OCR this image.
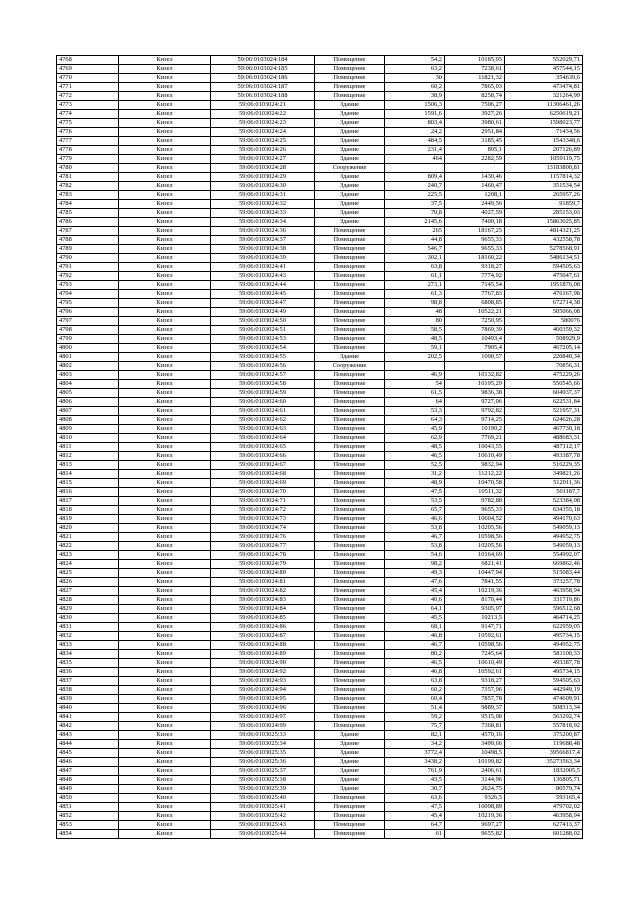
4768	Кизел	59:06:0103024:184	Помещение	54,2	10185,05	552029,71
4769	Кизел	59:06:0103024:185	Помещение	63,2	7238,61	457544,15
4770	Кизел	59:06:0103024:186	Помещение	30	11821,32	354639,6
4771	Кизел	59:06:0103024:187	Помещение	60,2	7865,03	473474,81
4772	Кизел	59:06:0103024:188	Помещение	38,9	8258,74	321264,99
4773	Кизел	59:06:0103024:21	Здание	1506,3	7506,27	11306461,26
4774	Кизел	59:06:0103024:22	Здание	1591,6	3927,26	6250619,21
4775	Кизел	59:06:0103024:23	Здание	803,4	3980,61	1598023,77
4776	Кизел	59:06:0103024:24	Здание	24,2	2951,84	71434,56
4777	Кизел	59:06:0103024:25	Здание	484,5	3185,45	1543348,6
4778	Кизел	59:06:0103024:26	Здание	231,4	895,1	207126,89
4779	Кизел	59:06:0103024:27	Здание	464	2282,59	1059119,75
4780	Кизел	59:06:0103024:28	Сооружение			13183800,81
4781	Кизел	59:06:0103024:29	Здание	809,4	1430,46	1157814,32
4782	Кизел	59:06:0103024:30	Здание	240,7	1460,47	351534,54
4783	Кизел	59:06:0103024:31	Здание	225,5	1208,1	265957,26
4784	Кизел	59:06:0103024:32	Здание	37,5	2449,56	91859,7
4785	Кизел	59:06:0103024:33	Здание	70,8	4027,59	285153,03
4786	Кизел	59:06:0103024:34	Здание	2145,6	7400,18	15863025,85
4787	Кизел	59:06:0103024:36	Помещение	265	18167,25	4814321,25
4788	Кизел	59:06:0103024:37	Помещение	44,8	9655,33	432558,78
4789	Кизел	59:06:0103024:38	Помещение	546,7	9655,33	5278568,91
4790	Кизел	59:06:0103024:39	Помещение	302,1	18160,22	5486134,51
4791	Кизел	59:06:0103024:41	Помещение	63,8	9318,27	594505,63
4792	Кизел	59:06:0103024:43	Помещение	61,1	7774,92	475047,61
4793	Кизел	59:06:0103024:44	Помещение	273,1	7145,54	1951876,08
4794	Кизел	59:06:0103024:45	Помещение	61,3	7767,83	476167,98
4795	Кизел	59:06:0103024:47	Помещение	98,8	6808,85	672714,38
4796	Кизел	59:06:0103024:49	Помещение	48	10522,21	505066,08
4797	Кизел	59:06:0103024:50	Помещение	80	7250,95	580076
4798	Кизел	59:06:0103024:51	Помещение	58,5	7869,39	460359,32
4799	Кизел	59:06:0103024:53	Помещение	48,5	10493,4	508929,9
4800	Кизел	59:06:0103024:54	Помещение	59,1	7905,4	467205,14
4801	Кизел	59:06:0103024:55	Здание	202,5	1090,57	220840,34
4802	Кизел	59:06:0103024:56	Сооружение			70856,31
4803	Кизел	59:06:0103024:57	Помещение	46,9	10132,82	475229,26
4804	Кизел	59:06:0103024:58	Помещение	54	10195,29	550545,66
4805	Кизел	59:06:0103024:59	Помещение	61,5	9836,38	604937,37
4806	Кизел	59:06:0103024:60	Помещение	64	9727,06	622531,84
4807	Кизел	59:06:0103024:61	Помещение	53,3	9792,82	521957,31
4808	Кизел	59:06:0103024:62	Помещение	64,3	9714,25	624626,28
4809	Кизел	59:06:0103024:63	Помещение	45,9	10190,2	467730,18
4810	Кизел	59:06:0103024:64	Помещение	62,9	7769,21	488683,31
4811	Кизел	59:06:0103024:65	Помещение	48,5	10043,55	487112,17
4812	Кизел	59:06:0103024:66	Помещение	46,5	10610,49	493387,78
4813	Кизел	59:06:0103024:67	Помещение	52,5	9832,94	516229,35
4814	Кизел	59:06:0103024:68	Помещение	31,2	11212,22	349821,26
4815	Кизел	59:06:0103024:69	Помещение	48,9	10470,58	512011,36
4816	Кизел	59:06:0103024:70	Помещение	47,5	10511,32	501187,7
4817	Кизел	59:06:0103024:71	Помещение	53,5	9782,88	523384,08
4818	Кизел	59:06:0103024:72	Помещение	65,7	9655,33	634355,18
4819	Кизел	59:06:0103024:73	Помещение	46,6	10604,52	494170,63
4820	Кизел	59:06:0103024:74	Помещение	53,8	10205,56	549059,13
4821	Кизел	59:06:0103024:76	Помещение	46,7	10598,56	494952,75
4822	Кизел	59:06:0103024:77	Помещение	53,8	10205,56	549059,13
4823	Кизел	59:06:0103024:78	Помещение	54,6	10164,69	554992,07
4824	Кизел	59:06:0103024:79	Помещение	98,2	6821,41	669862,46
4825	Кизел	59:06:0103024:80	Помещение	49,3	10447,94	515083,44
4826	Кизел	59:06:0103024:81	Помещение	47,6	7841,55	373257,78
4827	Кизел	59:06:0103024:82	Помещение	45,4	10219,36	463958,94
4828	Кизел	59:06:0103024:83	Помещение	40,6	8170,44	331719,86
4829	Кизел	59:06:0103024:84	Помещение	64,1	9305,97	596512,68
4830	Кизел	59:06:0103024:85	Помещение	45,5	10213,5	464714,25
4831	Кизел	59:06:0103024:86	Помещение	68,1	9147,71	622959,05
4832	Кизел	59:06:0103024:87	Помещение	46,8	10592,61	495734,15
4833	Кизел	59:06:0103024:88	Помещение	46,7	10598,56	494952,75
4834	Кизел	59:06:0103024:89	Помещение	80,2	7245,64	581100,33
4835	Кизел	59:06:0103024:90	Помещение	46,5	10610,49	493387,78
4836	Кизел	59:06:0103024:92	Помещение	46,8	10592,61	495734,15
4837	Кизел	59:06:0103024:93	Помещение	63,8	9318,27	594505,63
4838	Кизел	59:06:0103024:94	Помещение	60,2	7357,96	442949,19
4839	Кизел	59:06:0103024:95	Помещение	60,4	7857,78	474609,91
4840	Кизел	59:06:0103024:96	Помещение	51,4	9889,37	508313,34
4841	Кизел	59:06:0103024:97	Помещение	59,2	9515,08	563292,74
4842	Кизел	59:06:0103024:99	Помещение	75,7	7368,81	557818,92
4843	Кизел	59:06:0103025:33	Здание	82,1	4570,16	375200,87
4844	Кизел	59:06:0103025:34	Здание	34,2	3499,66	119688,48
4845	Кизел	59:06:0103025:35	Здание	3772,4	10498,5	39566817,4
4846	Кизел	59:06:0103025:36	Здание	3438,2	10199,82	35273563,34
4847	Кизел	59:06:0103025:37	Здание	761,9	2406,61	1832005,5
4848	Кизел	59:06:0103025:38	Здание	43,5	3144,96	136805,71
4849	Кизел	59:06:0103025:39	Здание	30,7	2624,75	80579,74
4850	Кизел	59:06:0103025:40	Помещение	63,6	9326,5	593165,4
4851	Кизел	59:06:0103025:41	Помещение	47,5	10098,89	479702,02
4852	Кизел	59:06:0103025:42	Помещение	45,4	10219,36	463958,94
4853	Кизел	59:06:0103025:43	Помещение	64,7	9697,27	627413,37
4854	Кизел	59:06:0103025:44	Помещение	61	9655,82	601288,02
